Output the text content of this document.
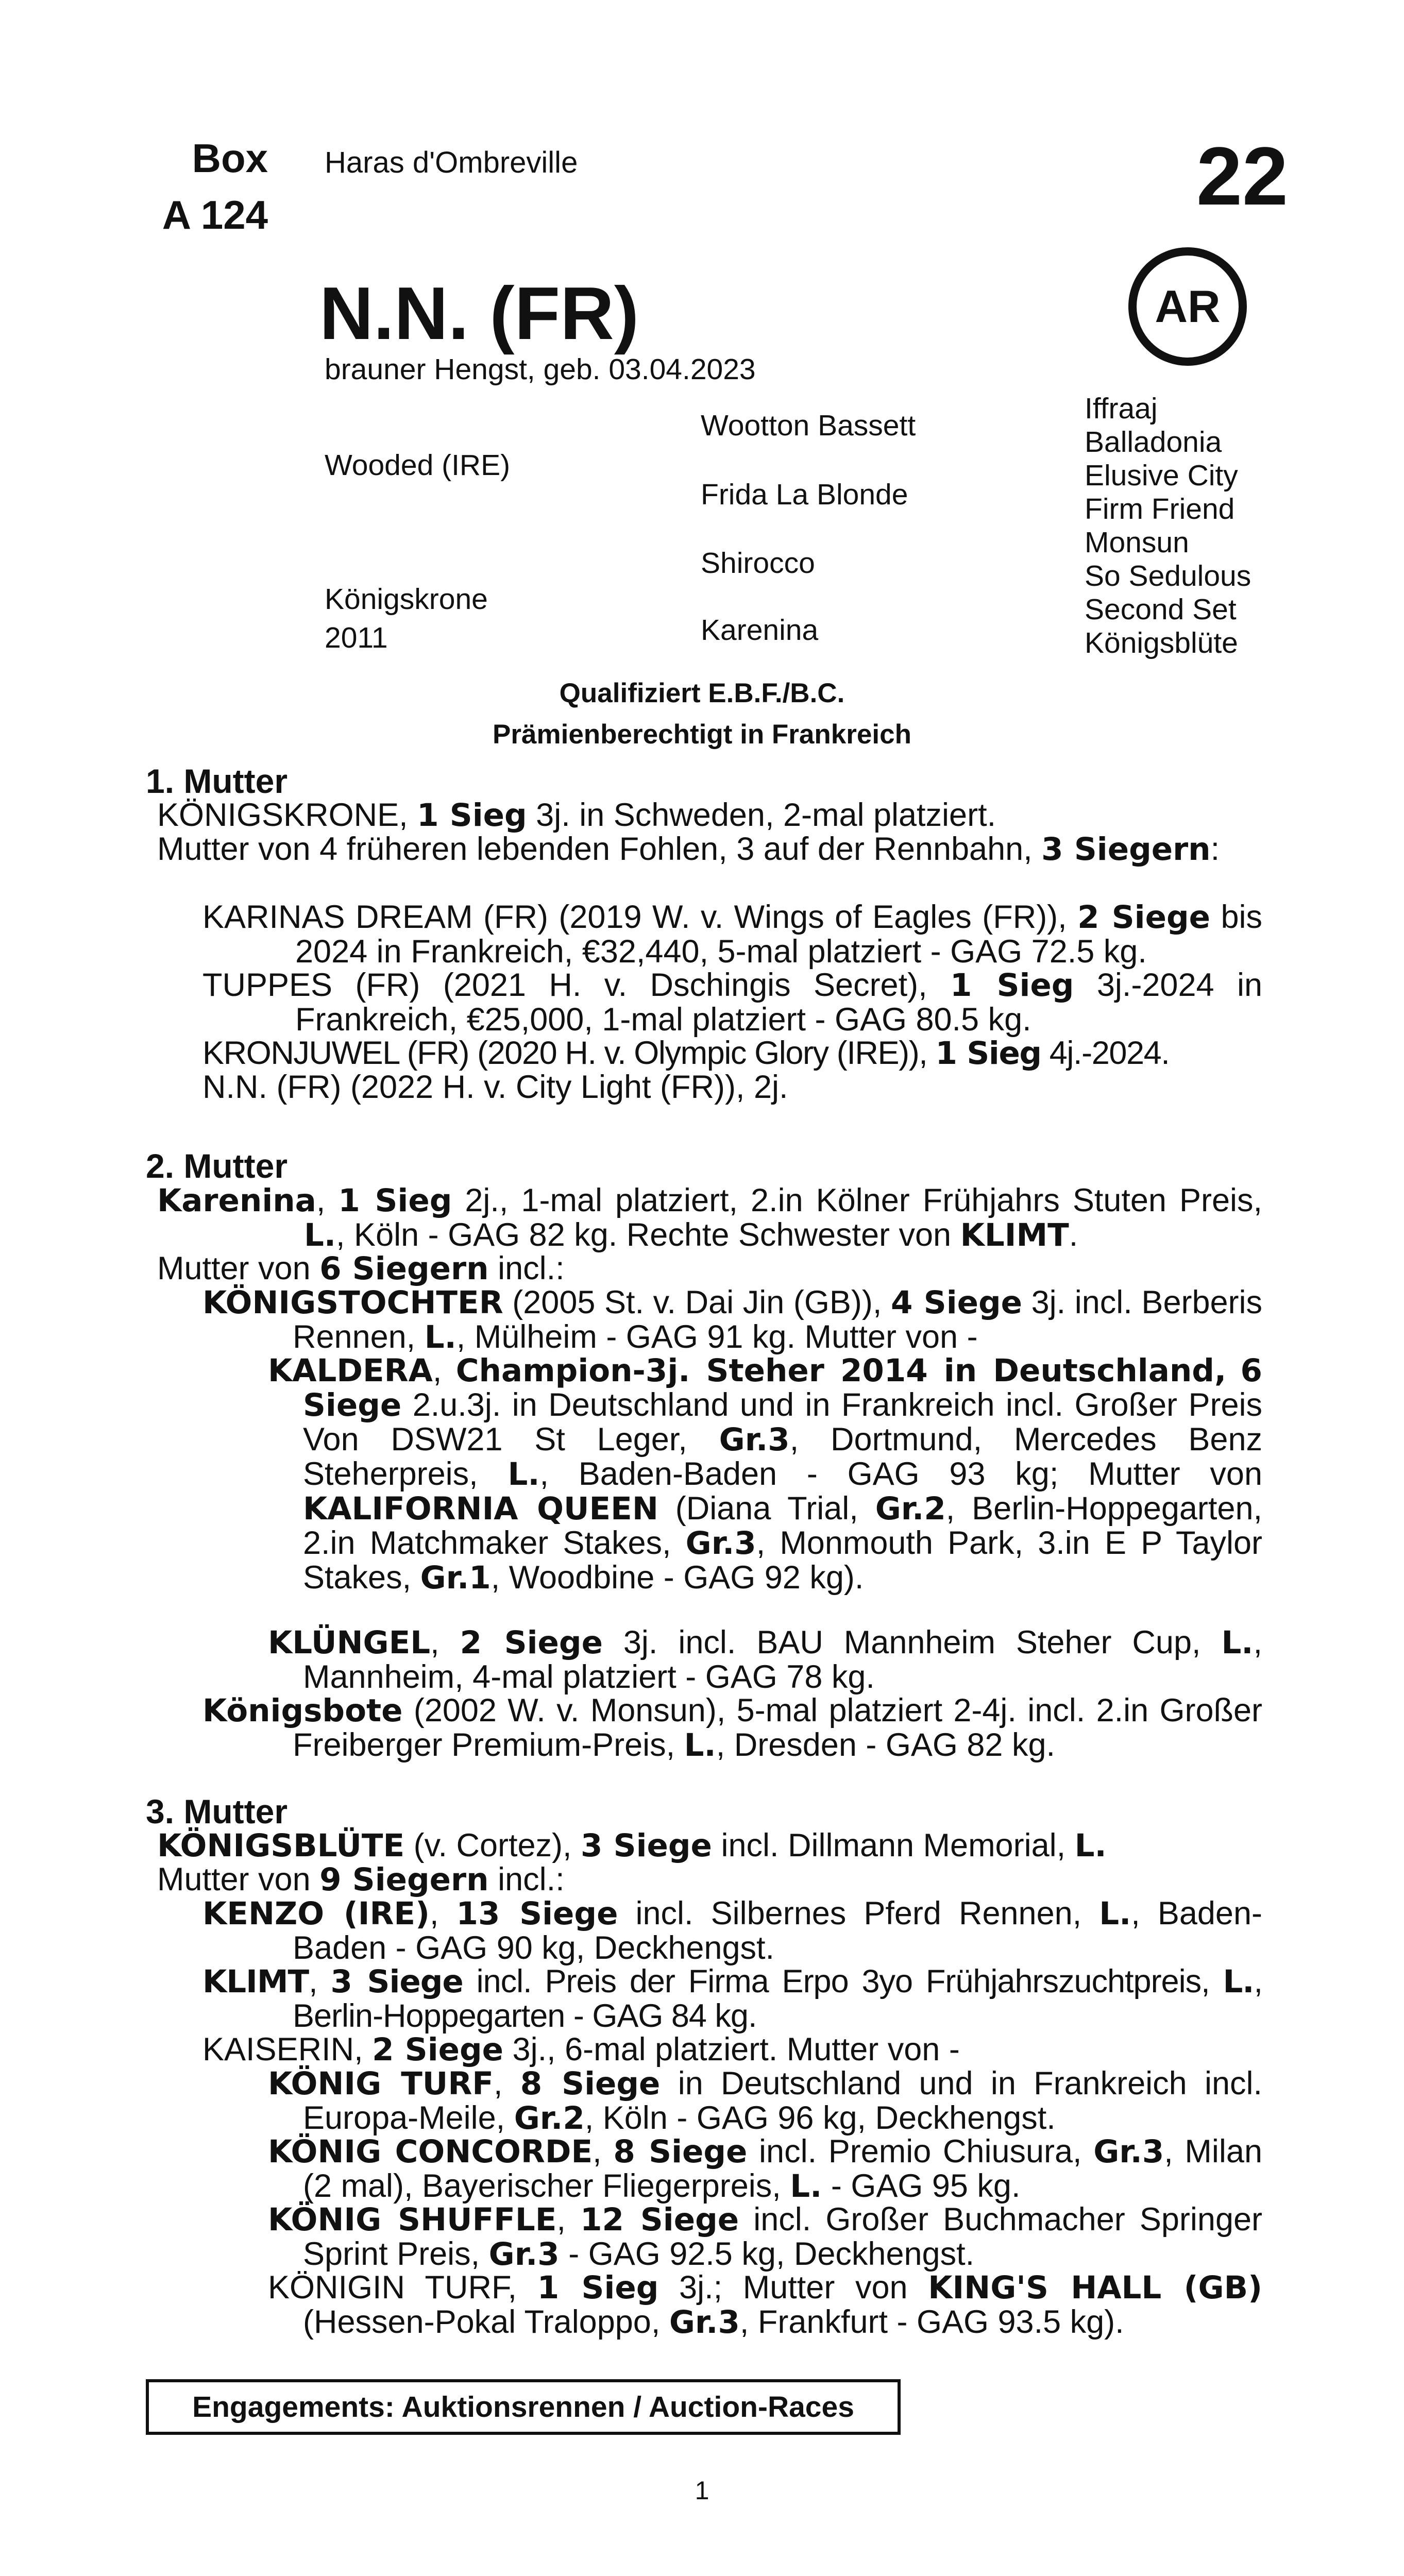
Box
A 124
Haras d'Ombreville	22
AR
N.N. (FR)
brauner Hengst, geb. 03.04.2023
Wooded (IRE)
Königskrone
2011
Wootton Bassett
Frida La Blonde
Shirocco
Karenina
Iffraaj
Balladonia
Elusive City
Firm Friend
Monsun
So Sedulous
Second Set
Königsblüte
Qualifiziert E.B.F./B.C.
Prämienberechtigt in Frankreich
1. Mutter
KÖNIGSKRONE, 1 Sieg 3j. in Schweden, 2-mal platziert.
Mutter von 4 früheren lebenden Fohlen, 3 auf der Rennbahn, 3 Siegern:
KARINAS DREAM (FR) (2019 W. v. Wings of Eagles (FR)), 2 Siege bis 2024 in Frankreich, €32,440, 5-mal platziert - GAG 72.5 kg.
TUPPES (FR) (2021 H. v. Dschingis Secret), 1 Sieg 3j.-2024 in Frankreich, €25,000, 1-mal platziert - GAG 80.5 kg.
KRONJUWEL (FR) (2020 H. v. Olympic Glory (IRE)), 1 Sieg 4j.-2024.
N.N. (FR) (2022 H. v. City Light (FR)), 2j.
2. Mutter
Karenina, 1 Sieg 2j., 1-mal platziert, 2.in Kölner Frühjahrs Stuten Preis, L., Köln - GAG 82 kg. Rechte Schwester von KLIMT.
Mutter von 6 Siegern incl.:
KÖNIGSTOCHTER (2005 St. v. Dai Jin (GB)), 4 Siege 3j. incl. Berberis Rennen, L., Mülheim - GAG 91 kg. Mutter von -
KALDERA, Champion-3j. Steher 2014 in Deutschland, 6 Siege 2.u.3j. in Deutschland und in Frankreich incl. Großer Preis Von DSW21 St Leger, Gr.3, Dortmund, Mercedes Benz Steherpreis, L., Baden-Baden - GAG 93 kg; Mutter von KALIFORNIA QUEEN (Diana Trial, Gr.2, Berlin-Hoppegarten, 2.in Matchmaker Stakes, Gr.3, Monmouth Park, 3.in E P Taylor Stakes, Gr.1, Woodbine - GAG 92 kg).
KLÜNGEL, 2 Siege 3j. incl. BAU Mannheim Steher Cup, L., Mannheim, 4-mal platziert - GAG 78 kg.
Königsbote (2002 W. v. Monsun), 5-mal platziert 2-4j. incl. 2.in Großer Freiberger Premium-Preis, L., Dresden - GAG 82 kg.
3. Mutter
KÖNIGSBLÜTE (v. Cortez), 3 Siege incl. Dillmann Memorial, L.
Mutter von 9 Siegern incl.:
KENZO (IRE), 13 Siege incl. Silbernes Pferd Rennen, L., Baden-Baden - GAG 90 kg, Deckhengst.
KLIMT, 3 Siege incl. Preis der Firma Erpo 3yo Frühjahrszuchtpreis, L., Berlin-Hoppegarten - GAG 84 kg.
KAISERIN, 2 Siege 3j., 6-mal platziert. Mutter von -
KÖNIG TURF, 8 Siege in Deutschland und in Frankreich incl. Europa-Meile, Gr.2, Köln - GAG 96 kg, Deckhengst.
KÖNIG CONCORDE, 8 Siege incl. Premio Chiusura, Gr.3, Milan (2 mal), Bayerischer Fliegerpreis, L. - GAG 95 kg.
KÖNIG SHUFFLE, 12 Siege incl. Großer Buchmacher Springer Sprint Preis, Gr.3 - GAG 92.5 kg, Deckhengst.
KÖNIGIN TURF, 1 Sieg 3j.; Mutter von KING'S HALL (GB) (Hessen-Pokal Traloppo, Gr.3, Frankfurt - GAG 93.5 kg).
Engagements: Auktionsrennen / Auction-Races
1
